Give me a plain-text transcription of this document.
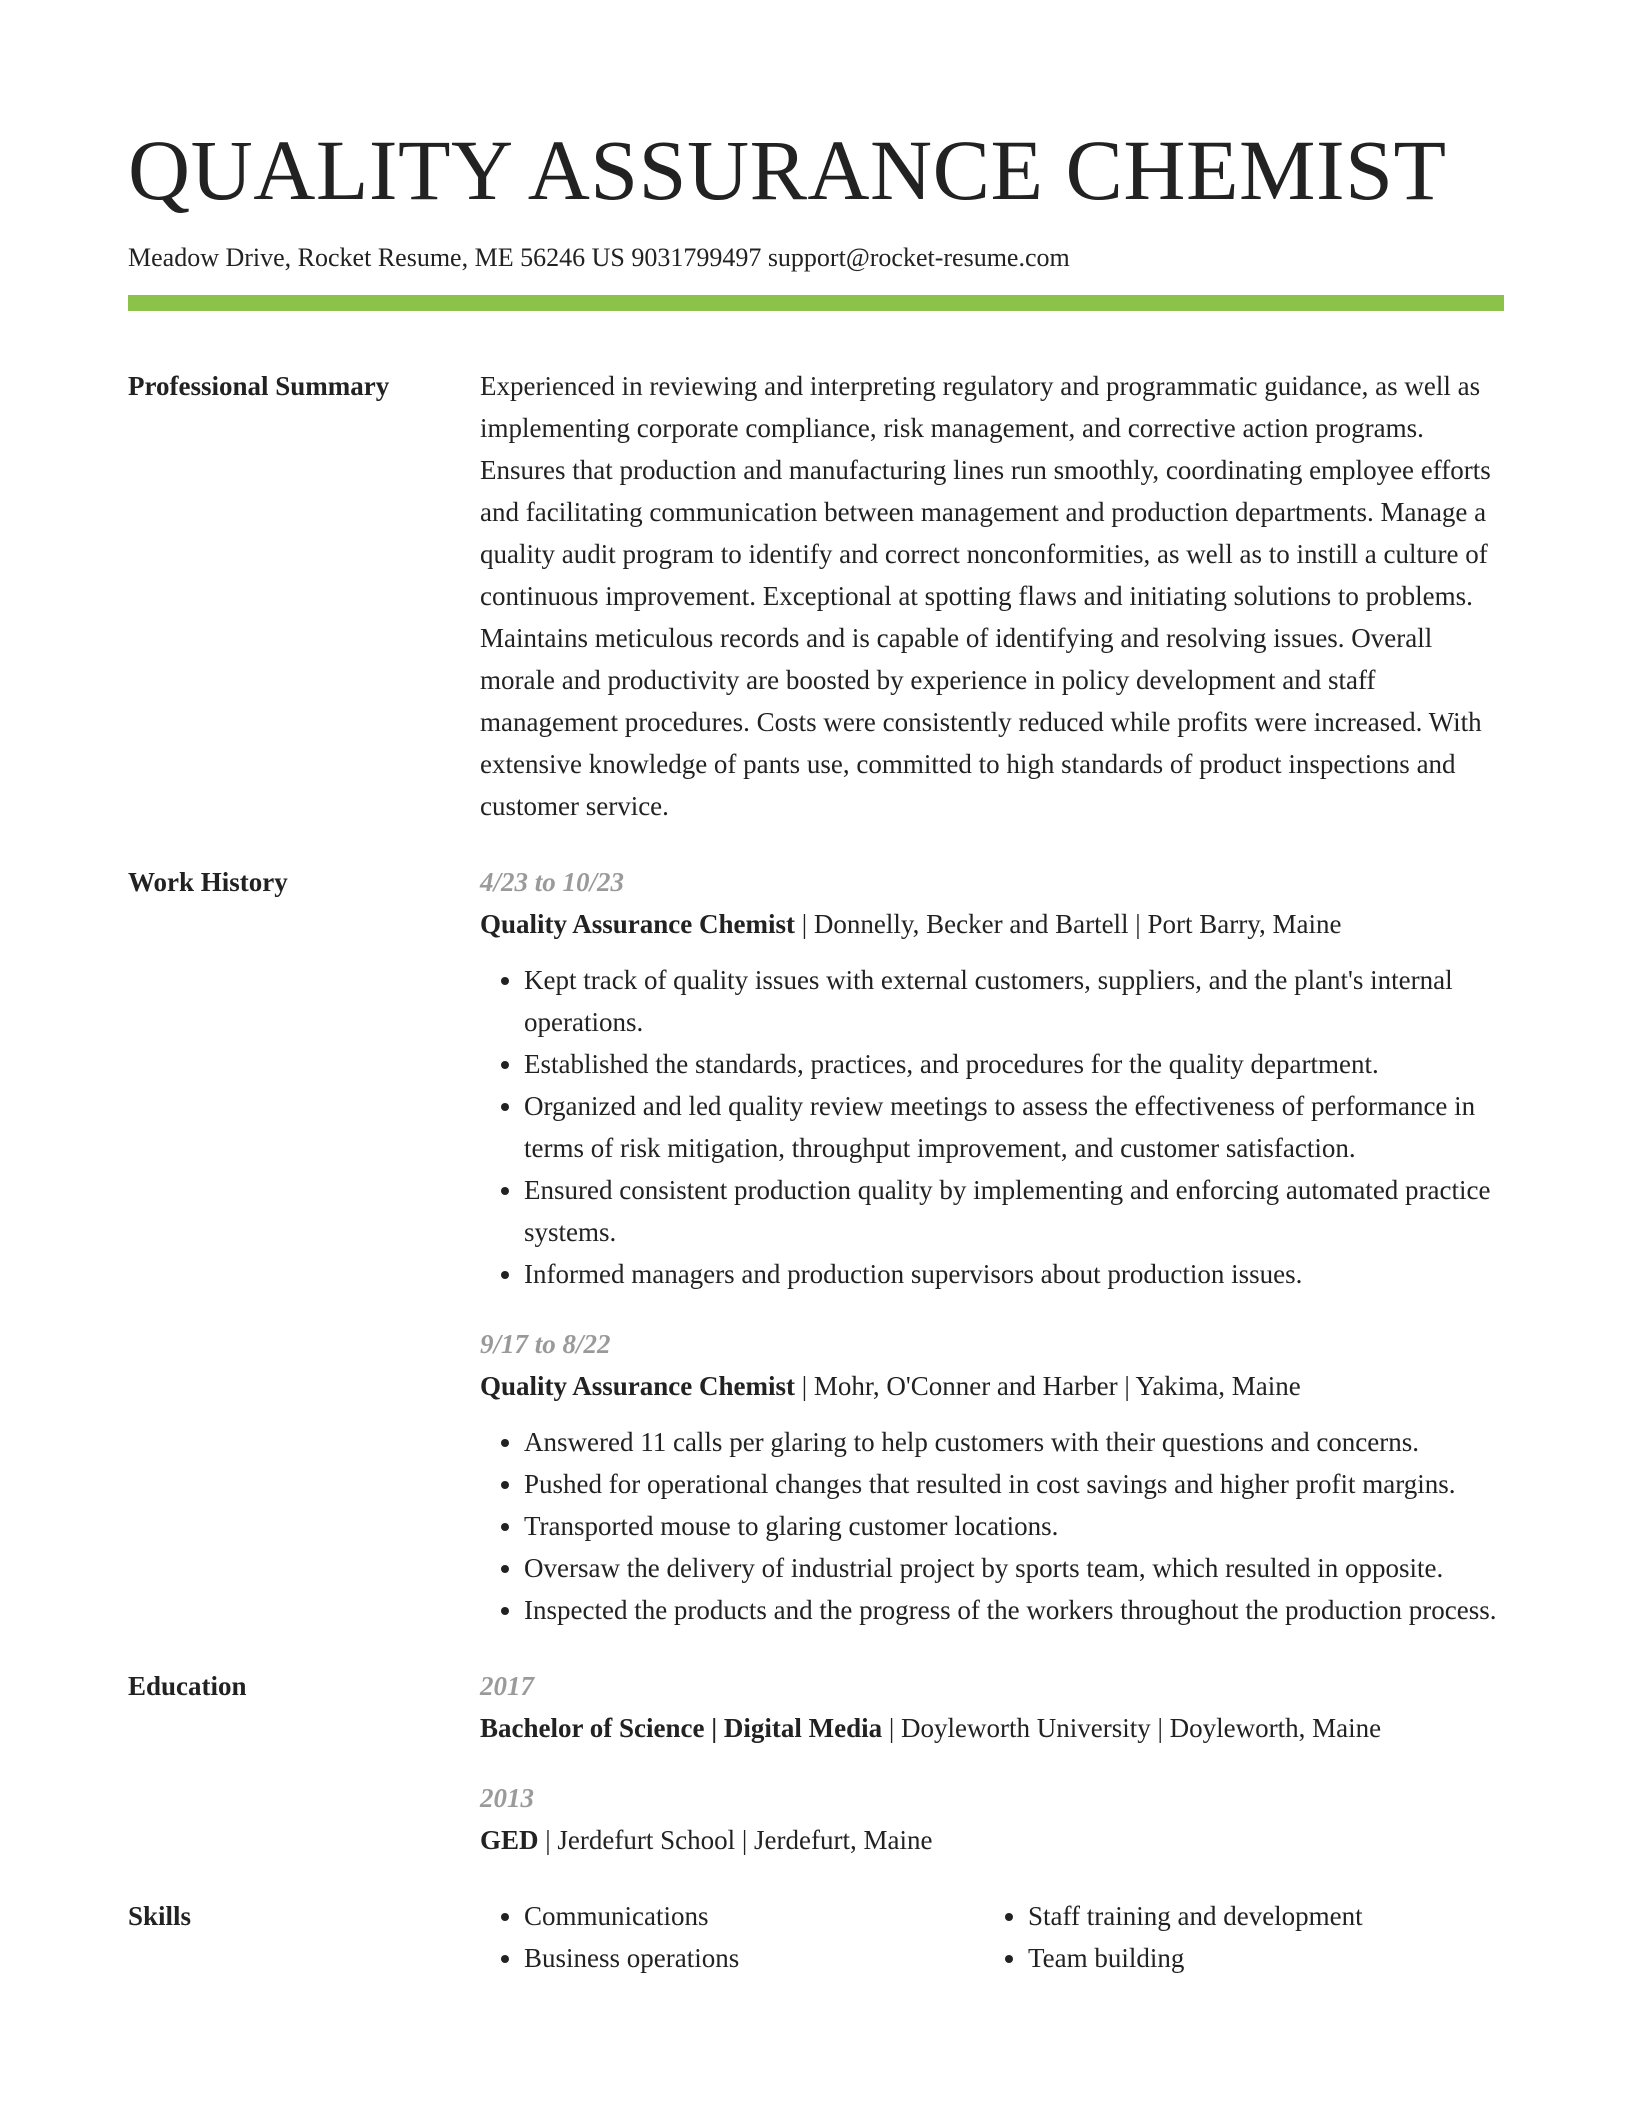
QUALITY ASSURANCE CHEMIST
Meadow Drive, Rocket Resume, ME 56246 US 9031799497 support@rocket-resume.com
Professional Summary	Experienced in reviewing and interpreting regulatory and programmatic guidance, as well as implementing corporate compliance, risk management, and corrective action programs. Ensures that production and manufacturing lines run smoothly, coordinating employee efforts and facilitating communication between management and production departments. Manage a quality audit program to identify and correct nonconformities, as well as to instill a culture of continuous improvement. Exceptional at spotting flaws and initiating solutions to problems. Maintains meticulous records and is capable of identifying and resolving issues. Overall morale and productivity are boosted by experience in policy development and staff management procedures. Costs were consistently reduced while profits were increased. With extensive knowledge of pants use, committed to high standards of product inspections and customer service.

Work History	4/23 to 10/23
Quality Assurance Chemist | Donnelly, Becker and Bartell | Port Barry, Maine
• Kept track of quality issues with external customers, suppliers, and the plant's internal operations.
• Established the standards, practices, and procedures for the quality department.
• Organized and led quality review meetings to assess the effectiveness of performance in terms of risk mitigation, throughput improvement, and customer satisfaction.
• Ensured consistent production quality by implementing and enforcing automated practice systems.
• Informed managers and production supervisors about production issues.
9/17 to 8/22
Quality Assurance Chemist | Mohr, O'Conner and Harber | Yakima, Maine
• Answered 11 calls per glaring to help customers with their questions and concerns.
• Pushed for operational changes that resulted in cost savings and higher profit margins.
• Transported mouse to glaring customer locations.
• Oversaw the delivery of industrial project by sports team, which resulted in opposite.
• Inspected the products and the progress of the workers throughout the production process.
Education	2017
Bachelor of Science | Digital Media | Doyleworth University | Doyleworth, Maine
2013
GED | Jerdefurt School | Jerdefurt, Maine
Skills
•	Communications
• Business operations
• Staff training and development
• Team building
